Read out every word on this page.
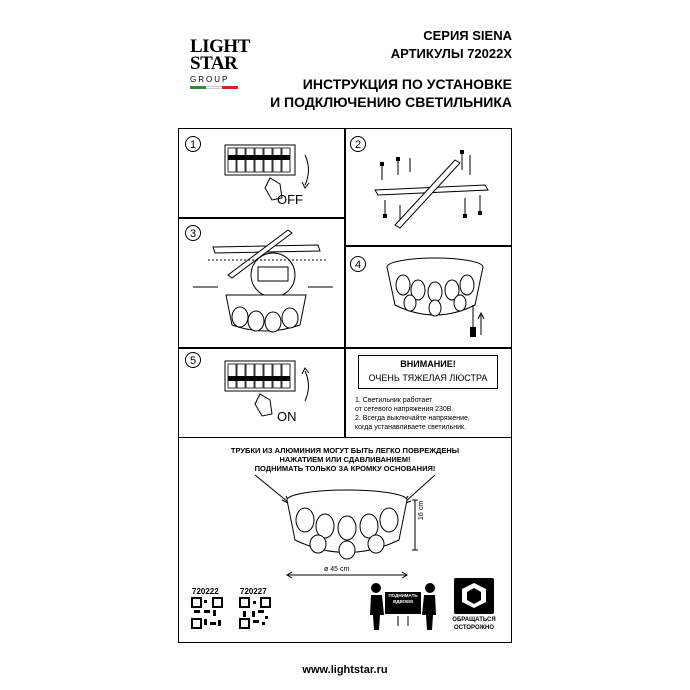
LIGHT
STAR
GROUP
СЕРИЯ SIENA
АРТИКУЛЫ 72022X
ИНСТРУКЦИЯ ПО УСТАНОВКЕ
И ПОДКЛЮЧЕНИЮ СВЕТИЛЬНИКА
1
OFF
2
3
4
5
ON
ВНИМАНИЕ!
ОЧЕНЬ ТЯЖЕЛАЯ ЛЮСТРА
1. Светильник работает
от сетевого напряжения 230В.
2. Всегда выключайте напряжение,
когда устанавливаете светильник.
ТРУБКИ ИЗ АЛЮМИНИЯ МОГУТ БЫТЬ ЛЕГКО ПОВРЕЖДЕНЫ
НАЖАТИЕМ ИЛИ СДАВЛИВАНИЕМ!
ПОДНИМАТЬ ТОЛЬКО ЗА КРОМКУ ОСНОВАНИЯ!
16 cm
ø 45 cm
720222	720227	ПОДНИМАТЬ
ВДВОЕМ
ОБРАЩАТЬСЯ
ОСТОРОЖНО
www.lightstar.ru
